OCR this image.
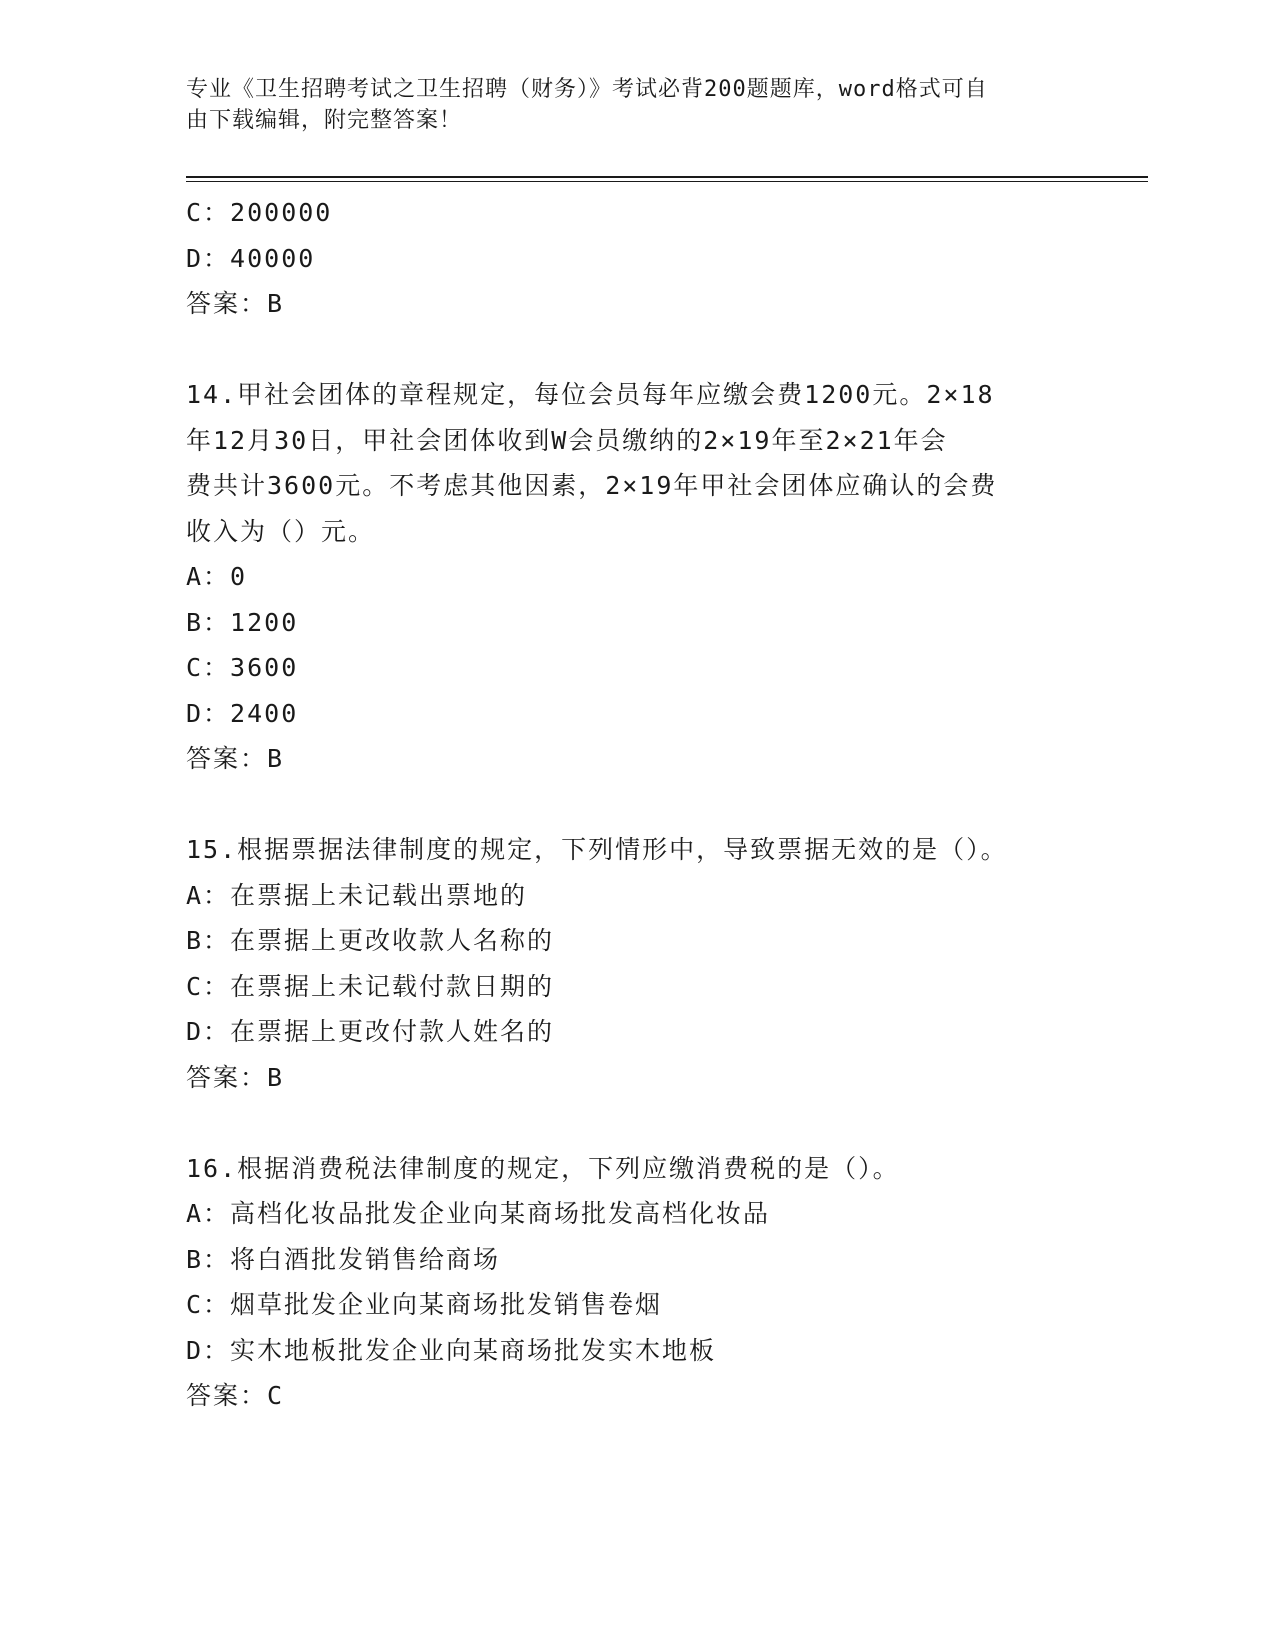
专业《卫生招聘考试之卫生招聘（财务）》考试必背200题题库，word格式可自
由下载编辑，附完整答案！
C：200000
D：40000
答案：B
14.甲社会团体的章程规定，每位会员每年应缴会费1200元。2×18
年12月30日，甲社会团体收到W会员缴纳的2×19年至2×21年会
费共计3600元。不考虑其他因素，2×19年甲社会团体应确认的会费
收入为（）元。
A：0
B：1200
C：3600
D：2400
答案：B
15.根据票据法律制度的规定，下列情形中，导致票据无效的是（）。
A：在票据上未记载出票地的
B：在票据上更改收款人名称的
C：在票据上未记载付款日期的
D：在票据上更改付款人姓名的
答案：B
16.根据消费税法律制度的规定，下列应缴消费税的是（）。
A：高档化妆品批发企业向某商场批发高档化妆品
B：将白酒批发销售给商场
C：烟草批发企业向某商场批发销售卷烟
D：实木地板批发企业向某商场批发实木地板
答案：C
